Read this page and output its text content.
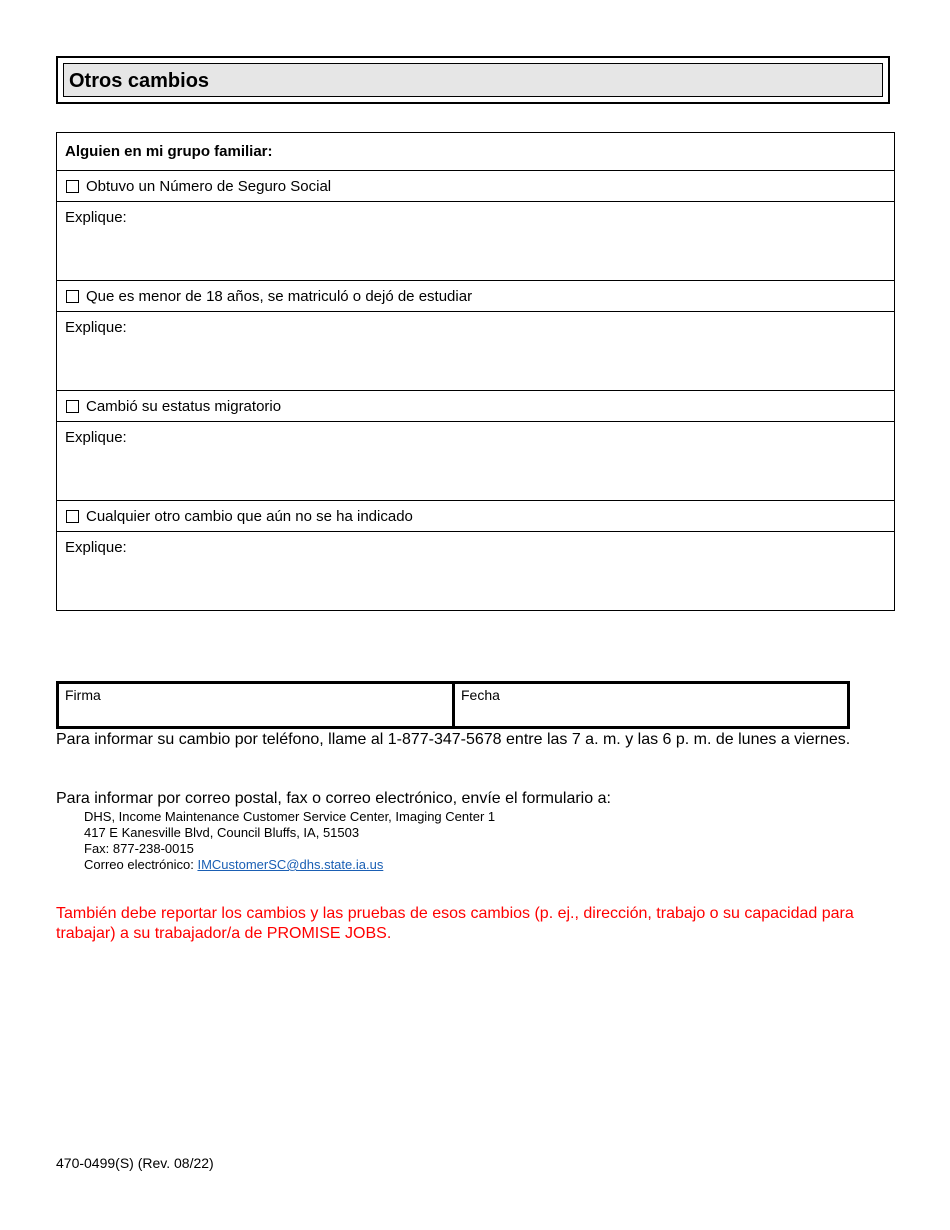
Otros cambios
Alguien en mi grupo familiar:
Obtuvo un Número de Seguro Social
Explique:
Que es menor de 18 años, se matriculó o dejó de estudiar
Explique:
Cambió su estatus migratorio
Explique:
Cualquier otro cambio que aún no se ha indicado
Explique:
Firma	Fecha
Para informar su cambio por teléfono, llame al 1-877-347-5678 entre las 7 a. m. y las 6 p. m. de lunes a viernes.
Para informar por correo postal, fax o correo electrónico, envíe el formulario a:
DHS, Income Maintenance Customer Service Center, Imaging Center 1
417 E Kanesville Blvd, Council Bluffs, IA, 51503
Fax: 877-238-0015
Correo electrónico: IMCustomerSC@dhs.state.ia.us
También debe reportar los cambios y las pruebas de esos cambios (p. ej., dirección, trabajo o su capacidad para trabajar) a su trabajador/a de PROMISE JOBS.
470-0499(S) (Rev. 08/22)
